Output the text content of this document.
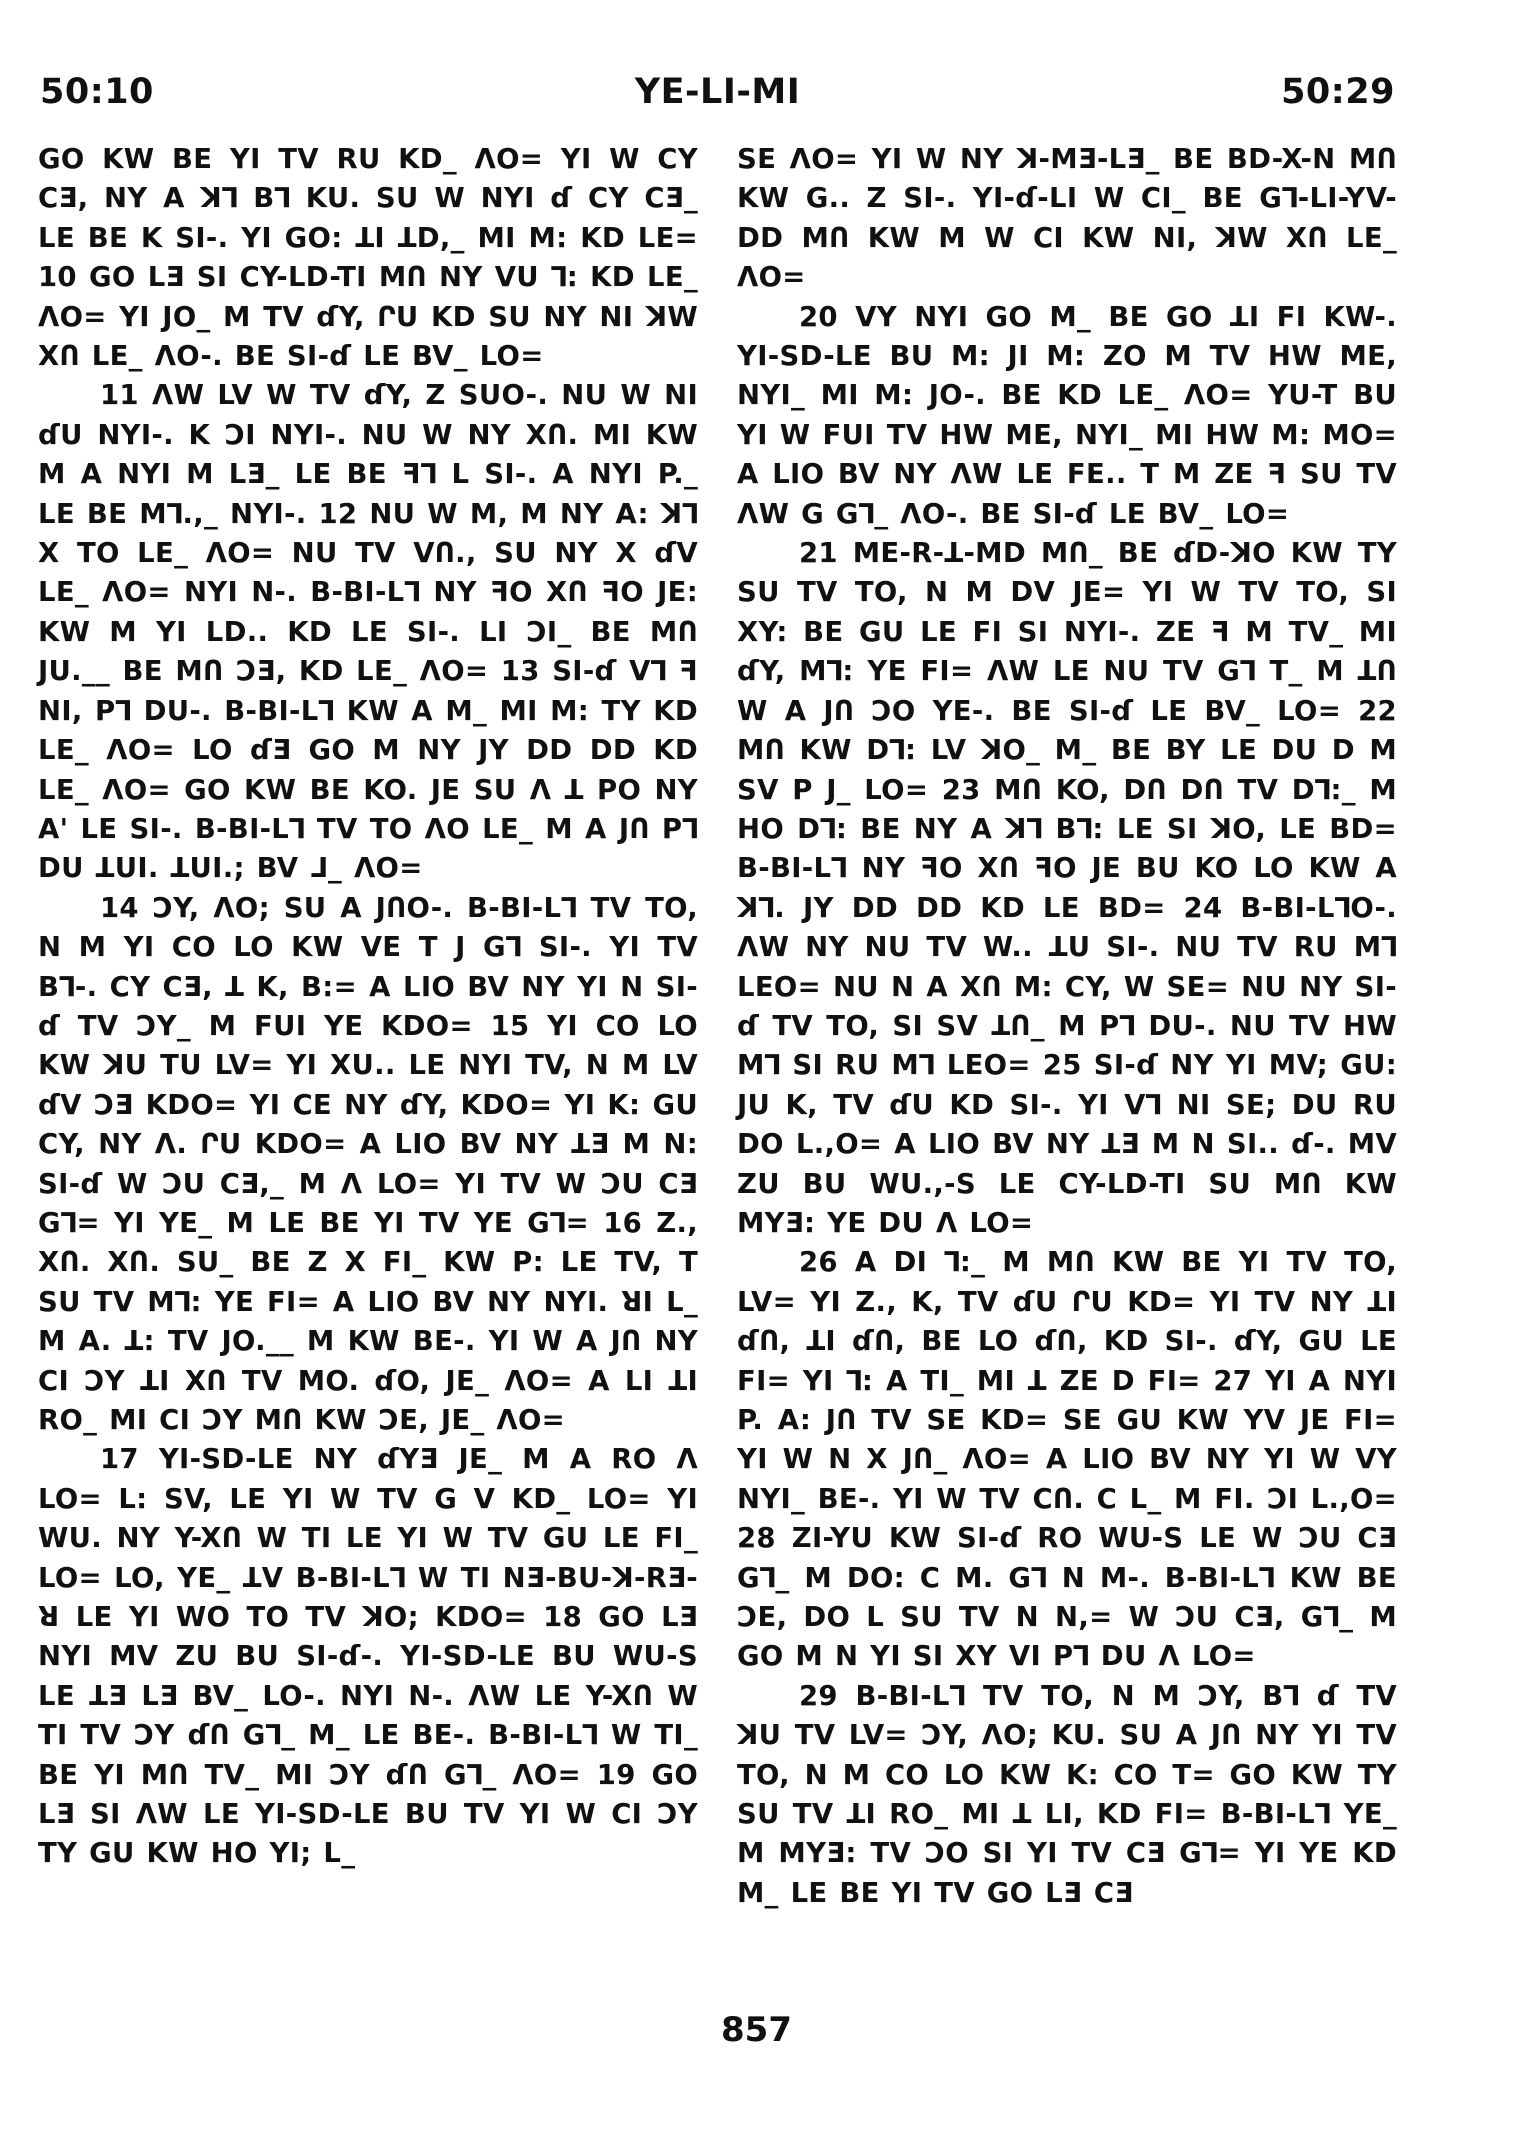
50:10	YE-LI-MI	50:29

GO KW BE YI TV RU KD_ ΛO= YI W CY CƎ, NY A ꓘꓶ Bꓶ KU. SU W NYI ɗ CY CƎ_ LE BE K SI-. YI GO: ꓕI ꓕD,_ MI M: KD LE= 10 GO LƎ SI CY-LD-TI MՈ NY VU ꓶ: KD LE_ ΛO= YI JO_ M TV ɗY, ՐU KD SU NY NI ꓘW XՈ LE_ ΛO-. BE SI-ɗ LE BV_ LO=

11 ΛW LV W TV ɗY, Z SUO-. NU W NI ɗU NYI-. K ƆI NYI-. NU W NY XՈ. MI KW M A NYI M LƎ_ LE BE ꟻꓶ L SI-. A NYI P._ LE BE Mꓶ.,_ NYI-. 12 NU W M, M NY A: ꓘꓶ X TO LE_ ΛO= NU TV VՈ., SU NY X ɗV LE_ ΛO= NYI N-. B-BI-Lꓶ NY ꟻO XՈ ꟻO JE: KW M YI LD.. KD LE SI-. LI ƆI_ BE MՈ JU.__ BE MՈ ƆƎ, KD LE_ ΛO= 13 SI-ɗ Vꓶ ꟻ NI, Pꓶ DU-. B-BI-Lꓶ KW A M_ MI M: TY KD LE_ ΛO= LO ɗƎ GO M NY JY DD DD KD LE_ ΛO= GO KW BE KO. JE SU Λ ꓕ PO NY A' LE SI-. B-BI-Lꓶ TV TO ΛO LE_ M A JՈ Pꓶ DU ꓕUI. ꓕUI.; BV ⅃_ ΛO=

14 ƆY, ΛO; SU A JՈO-. B-BI-Lꓶ TV TO, N M YI CO LO KW VE T J Gꓶ SI-. YI TV Bꓶ-. CY CƎ, ꓕ K, B:= A LIO BV NY YI N SI-ɗ TV ƆY_ M FUI YE KDO= 15 YI CO LO KW ꓘU TU LV= YI XU.. LE NYI TV, N M LV ɗV ƆƎ KDO= YI CE NY ɗY, KDO= YI K: GU CY, NY Λ. ՐU KDO= A LIO BV NY ꓕƎ M N: SI-ɗ W ƆU CƎ,_ M Λ LO= YI TV W ƆU CƎ Gꓶ= YI YE_ M LE BE YI TV YE Gꓶ= 16 Z., XՈ. XՈ. SU_ BE Z X FI_ KW P: LE TV, T SU TV Mꓶ: YE FI= A LIO BV NY NYI. ꓤI L_ M A. ꓕ: TV JO.__ M KW BE-. YI W A JՈ NY CI ƆY ꓕI XՈ TV MO. ɗO, JE_ ΛO= A LI ꓕI RO_ MI CI ƆY MՈ KW ƆE, JE_ ΛO=

17 YI-SD-LE NY ɗYƎ JE_ M A RO Λ LO= L: SV, LE YI W TV G V KD_ LO= YI WU. NY Y-XՈ W TI LE YI W TV GU LE FI_ LO= LO, YE_ ꓕV B-BI-Lꓶ W TI NƎ-BU-ꓘ-RƎ-ꓤ LE YI WO TO TV ꓘO; KDO= 18 GO LƎ NYI MV ZU BU SI-ɗ-. YI-SD-LE BU WU-S LE ꓕƎ LƎ BV_ LO-. NYI N-. ΛW LE Y-XՈ W TI TV ƆY ɗՈ Gꓶ_ M_ LE BE-. B-BI-Lꓶ W TI_ BE YI MՈ TV_ MI ƆY ɗՈ Gꓶ_ ΛO= 19 GO LƎ SI ΛW LE YI-SD-LE BU TV YI W CI ƆY TY GU KW HO YI; L_

SE ΛO= YI W NY ꓘ-MƎ-LƎ_ BE BD-X-N MՈ KW G.. Z SI-. YI-ɗ-LI W CI_ BE Gꓶ-LI-YV-DD MՈ KW M W CI KW NI, ꓘW XՈ LE_ ΛO=

20 VY NYI GO M_ BE GO ꓕI FI KW-. YI-SD-LE BU M: JI M: ZO M TV HW ME, NYI_ MI M: JO-. BE KD LE_ ΛO= YU-T BU YI W FUI TV HW ME, NYI_ MI HW M: MO= A LIO BV NY ΛW LE FE.. T M ZE ꟻ SU TV ΛW G Gꓶ_ ΛO-. BE SI-ɗ LE BV_ LO=

21 ME-R-ꓕ-MD MՈ_ BE ɗD-ꓘO KW TY SU TV TO, N M DV JE= YI W TV TO, SI XY: BE GU LE FI SI NYI-. ZE ꟻ M TV_ MI ɗY, Mꓶ: YE FI= ΛW LE NU TV Gꓶ T_ M ꓕՈ W A JՈ ƆO YE-. BE SI-ɗ LE BV_ LO= 22 MՈ KW Dꓶ: LV ꓘO_ M_ BE BY LE DU D M SV P J_ LO= 23 MՈ KO, DՈ DՈ TV Dꓶ:_ M HO Dꓶ: BE NY A ꓘꓶ Bꓶ: LE SI ꓘO, LE BD= B-BI-Lꓶ NY ꟻO XՈ ꟻO JE BU KO LO KW A ꓘꓶ. JY DD DD KD LE BD= 24 B-BI-LꓶO-. ΛW NY NU TV W.. ꓕU SI-. NU TV RU Mꓶ LEO= NU N A XՈ M: CY, W SE= NU NY SI-ɗ TV TO, SI SV ꓕՈ_ M Pꓶ DU-. NU TV HW Mꓶ SI RU Mꓶ LEO= 25 SI-ɗ NY YI MV; GU: JU K, TV ɗU KD SI-. YI Vꓶ NI SE; DU RU DO L.,O= A LIO BV NY ꓕƎ M N SI.. ɗ-. MV ZU BU WU.,-S LE CY-LD-TI SU MՈ KW MYƎ: YE DU Λ LO=

26 A DI ꓶ:_ M MՈ KW BE YI TV TO, LV= YI Z., K, TV ɗU ՐU KD= YI TV NY ꓕI ɗՈ, ꓕI ɗՈ, BE LO ɗՈ, KD SI-. ɗY, GU LE FI= YI ꓶ: A TI_ MI ꓕ ZE D FI= 27 YI A NYI P. A: JՈ TV SE KD= SE GU KW YV JE FI= YI W N X JՈ_ ΛO= A LIO BV NY YI W VY NYI_ BE-. YI W TV CՈ. C L_ M FI. ƆI L.,O= 28 ZI-YU KW SI-ɗ RO WU-S LE W ƆU CƎ Gꓶ_ M DO: C M. Gꓶ N M-. B-BI-Lꓶ KW BE ƆE, DO L SU TV N N,= W ƆU CƎ, Gꓶ_ M GO M N YI SI XY VI Pꓶ DU Λ LO=

29 B-BI-Lꓶ TV TO, N M ƆY, Bꓶ ɗ TV ꓘU TV LV= ƆY, ΛO; KU. SU A JՈ NY YI TV TO, N M CO LO KW K: CO T= GO KW TY SU TV ꓕI RO_ MI ꓕ LI, KD FI= B-BI-Lꓶ YE_ M MYƎ: TV ƆO SI YI TV CƎ Gꓶ= YI YE KD M_ LE BE YI TV GO LƎ CƎ

857
